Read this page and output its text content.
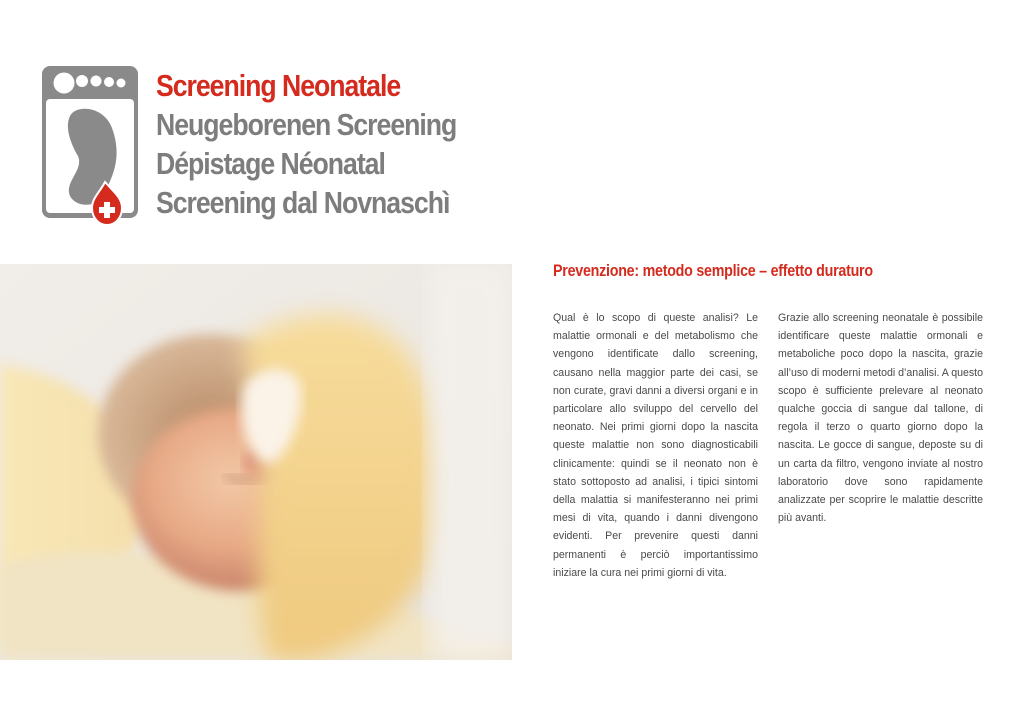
Screening Neonatale
Neugeborenen Screening
Dépistage Néonatal
Screening dal Novnaschì
Prevenzione: metodo semplice – effetto duraturo
Qual è lo scopo di queste analisi? Le malattie ormonali e del metabolismo che vengono identificate dallo screening, causano nella maggior parte dei casi, se non curate, gravi danni a diversi organi e in particolare allo sviluppo del cervello del neonato. Nei primi giorni dopo la nascita queste malattie non sono diagnosticabili clinicamente: quindi se il neonato non è stato sottoposto ad analisi, i tipici sintomi della malattia si manifesteranno nei primi mesi di vita, quando i danni divengono evidenti. Per prevenire questi danni permanenti è perciò importantissimo iniziare la cura nei primi giorni di vita.
Grazie allo screening neonatale è possibile identificare queste malattie ormonali e metaboliche poco dopo la nascita, grazie all’uso di moderni metodi d’analisi. A questo scopo è sufficiente prelevare al neonato qualche goccia di sangue dal tallone, di regola il terzo o quarto giorno dopo la nascita. Le gocce di sangue, deposte su di un carta da filtro, vengono inviate al nostro laboratorio dove sono rapidamente analizzate per scoprire le malattie descritte più avanti.
